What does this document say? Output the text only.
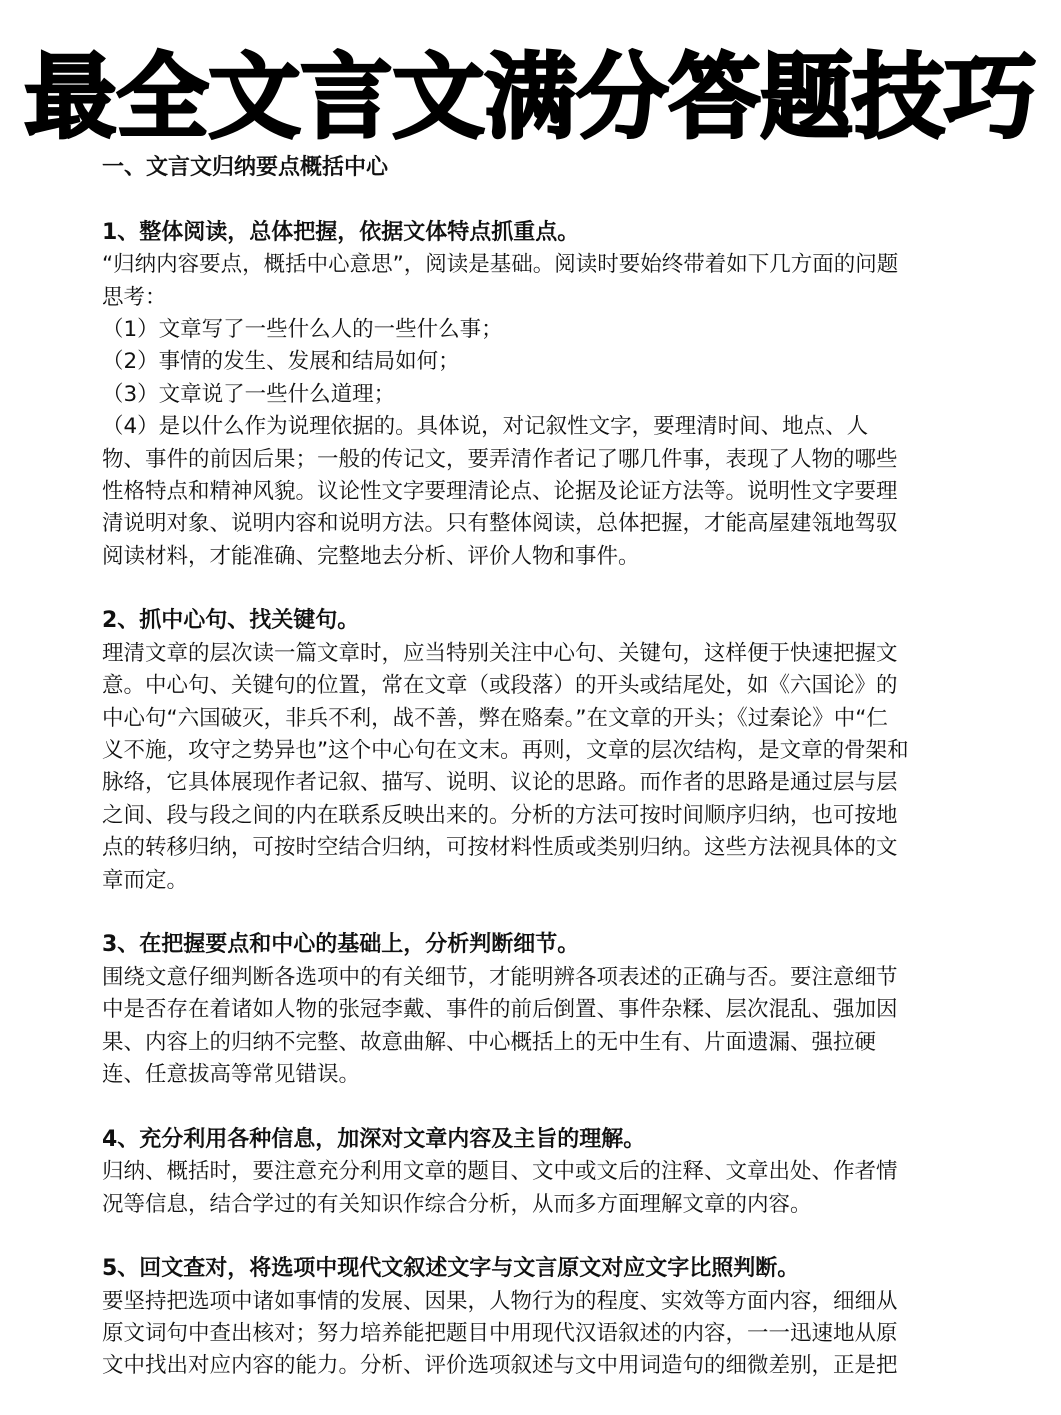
最全文言文满分答题技巧
一、文言文归纳要点概括中心
1、整体阅读，总体把握，依据文体特点抓重点。
“归纳内容要点，概括中心意思”，阅读是基础。阅读时要始终带着如下几方面的问题
思考：
（1）文章写了一些什么人的一些什么事；
（2）事情的发生、发展和结局如何；
（3）文章说了一些什么道理；
（4）是以什么作为说理依据的。具体说，对记叙性文字，要理清时间、地点、人
物、事件的前因后果；一般的传记文，要弄清作者记了哪几件事，表现了人物的哪些
性格特点和精神风貌。议论性文字要理清论点、论据及论证方法等。说明性文字要理
清说明对象、说明内容和说明方法。只有整体阅读，总体把握，才能高屋建瓴地驾驭
阅读材料，才能准确、完整地去分析、评价人物和事件。
2、抓中心句、找关键句。
理清文章的层次读一篇文章时，应当特别关注中心句、关键句，这样便于快速把握文
意。中心句、关键句的位置，常在文章（或段落）的开头或结尾处，如《六国论》的
中心句“六国破灭，非兵不利，战不善，弊在赂秦。”在文章的开头；《过秦论》中“仁
义不施，攻守之势异也”这个中心句在文末。再则，文章的层次结构，是文章的骨架和
脉络，它具体展现作者记叙、描写、说明、议论的思路。而作者的思路是通过层与层
之间、段与段之间的内在联系反映出来的。分析的方法可按时间顺序归纳，也可按地
点的转移归纳，可按时空结合归纳，可按材料性质或类别归纳。这些方法视具体的文
章而定。
3、在把握要点和中心的基础上，分析判断细节。
围绕文意仔细判断各选项中的有关细节，才能明辨各项表述的正确与否。要注意细节
中是否存在着诸如人物的张冠李戴、事件的前后倒置、事件杂糅、层次混乱、强加因
果、内容上的归纳不完整、故意曲解、中心概括上的无中生有、片面遗漏、强拉硬
连、任意拔高等常见错误。
4、充分利用各种信息，加深对文章内容及主旨的理解。
归纳、概括时，要注意充分利用文章的题目、文中或文后的注释、文章出处、作者情
况等信息，结合学过的有关知识作综合分析，从而多方面理解文章的内容。
5、回文查对，将选项中现代文叙述文字与文言原文对应文字比照判断。
要坚持把选项中诸如事情的发展、因果，人物行为的程度、实效等方面内容，细细从
原文词句中查出核对；努力培养能把题目中用现代汉语叙述的内容，一一迅速地从原
文中找出对应内容的能力。分析、评价选项叙述与文中用词造句的细微差别，正是把
